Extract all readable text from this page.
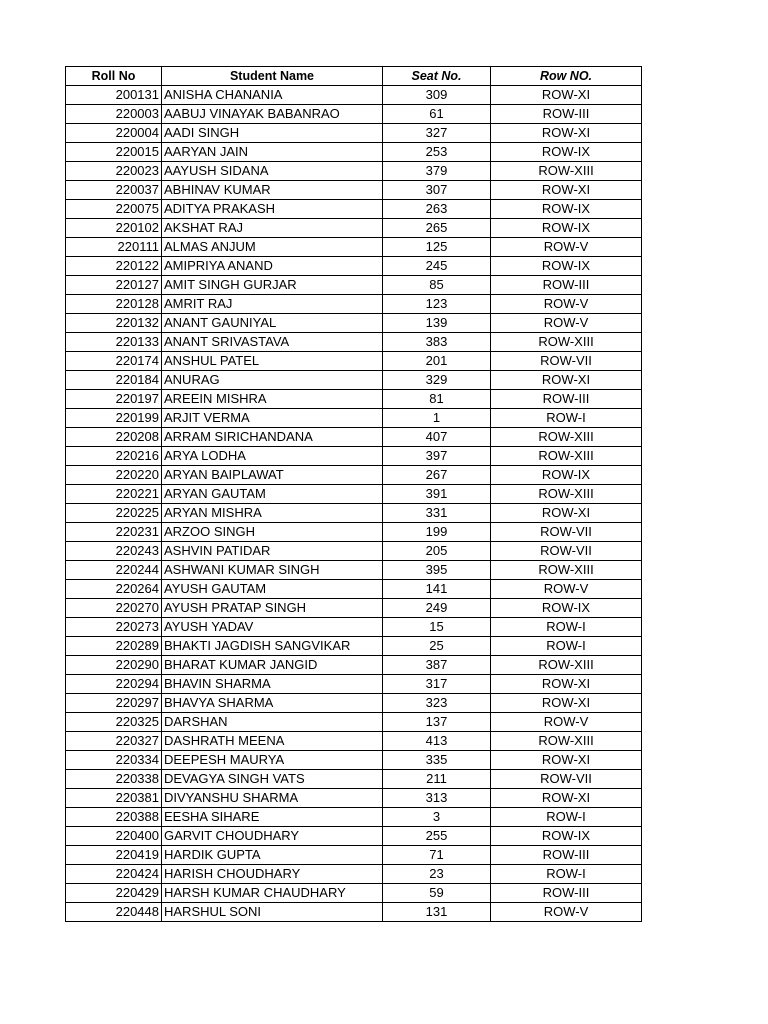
Roll No	Student Name	Seat No.	Row NO.
200131	ANISHA CHANANIA	309	ROW-XI
220003	AABUJ VINAYAK BABANRAO	61	ROW-III
220004	AADI SINGH	327	ROW-XI
220015	AARYAN JAIN	253	ROW-IX
220023	AAYUSH SIDANA	379	ROW-XIII
220037	ABHINAV KUMAR	307	ROW-XI
220075	ADITYA PRAKASH	263	ROW-IX
220102	AKSHAT RAJ	265	ROW-IX
220111	ALMAS ANJUM	125	ROW-V
220122	AMIPRIYA ANAND	245	ROW-IX
220127	AMIT SINGH GURJAR	85	ROW-III
220128	AMRIT RAJ	123	ROW-V
220132	ANANT GAUNIYAL	139	ROW-V
220133	ANANT SRIVASTAVA	383	ROW-XIII
220174	ANSHUL PATEL	201	ROW-VII
220184	ANURAG	329	ROW-XI
220197	AREEIN MISHRA	81	ROW-III
220199	ARJIT VERMA	1	ROW-I
220208	ARRAM SIRICHANDANA	407	ROW-XIII
220216	ARYA LODHA	397	ROW-XIII
220220	ARYAN BAIPLAWAT	267	ROW-IX
220221	ARYAN GAUTAM	391	ROW-XIII
220225	ARYAN MISHRA	331	ROW-XI
220231	ARZOO SINGH	199	ROW-VII
220243	ASHVIN PATIDAR	205	ROW-VII
220244	ASHWANI KUMAR SINGH	395	ROW-XIII
220264	AYUSH GAUTAM	141	ROW-V
220270	AYUSH PRATAP SINGH	249	ROW-IX
220273	AYUSH YADAV	15	ROW-I
220289	BHAKTI JAGDISH SANGVIKAR	25	ROW-I
220290	BHARAT KUMAR JANGID	387	ROW-XIII
220294	BHAVIN SHARMA	317	ROW-XI
220297	BHAVYA SHARMA	323	ROW-XI
220325	DARSHAN	137	ROW-V
220327	DASHRATH MEENA	413	ROW-XIII
220334	DEEPESH MAURYA	335	ROW-XI
220338	DEVAGYA SINGH VATS	211	ROW-VII
220381	DIVYANSHU SHARMA	313	ROW-XI
220388	EESHA SIHARE	3	ROW-I
220400	GARVIT CHOUDHARY	255	ROW-IX
220419	HARDIK GUPTA	71	ROW-III
220424	HARISH CHOUDHARY	23	ROW-I
220429	HARSH KUMAR CHAUDHARY	59	ROW-III
220448	HARSHUL SONI	131	ROW-V
